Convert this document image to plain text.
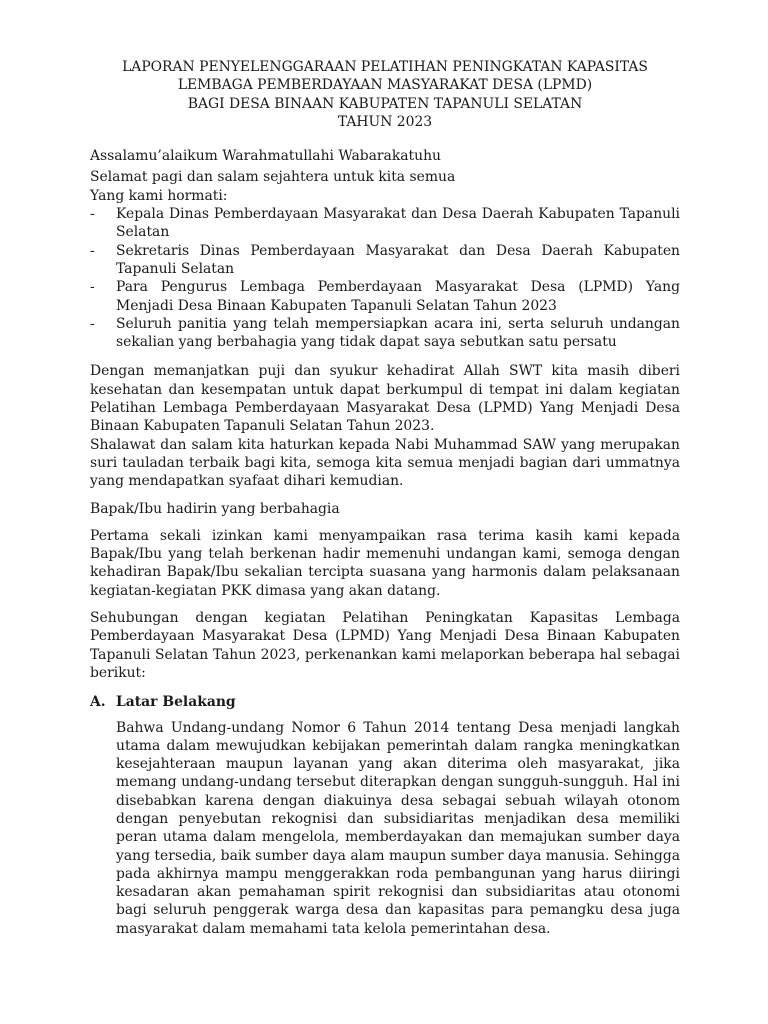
LAPORAN PENYELENGGARAAN PELATIHAN PENINGKATAN KAPASITAS
LEMBAGA PEMBERDAYAAN MASYARAKAT DESA (LPMD)
BAGI DESA BINAAN KABUPATEN TAPANULI SELATAN
TAHUN 2023

Assalamu’alaikum Warahmatullahi Wabarakatuhu

Selamat pagi dan salam sejahtera untuk kita semua

Yang kami hormati:

- Kepala Dinas Pemberdayaan Masyarakat dan Desa Daerah Kabupaten Tapanuli Selatan
- Sekretaris Dinas Pemberdayaan Masyarakat dan Desa Daerah Kabupaten Tapanuli Selatan
- Para Pengurus Lembaga Pemberdayaan Masyarakat Desa (LPMD) Yang Menjadi Desa Binaan Kabupaten Tapanuli Selatan Tahun 2023
- Seluruh panitia yang telah mempersiapkan acara ini, serta seluruh undangan sekalian yang berbahagia yang tidak dapat saya sebutkan satu persatu

Dengan memanjatkan puji dan syukur kehadirat Allah SWT kita masih diberi kesehatan dan kesempatan untuk dapat berkumpul di tempat ini dalam kegiatan Pelatihan Lembaga Pemberdayaan Masyarakat Desa (LPMD) Yang Menjadi Desa Binaan Kabupaten Tapanuli Selatan Tahun 2023.

Shalawat dan salam kita haturkan kepada Nabi Muhammad SAW yang merupakan suri tauladan terbaik bagi kita, semoga kita semua menjadi bagian dari ummatnya yang mendapatkan syafaat dihari kemudian.

Bapak/Ibu hadirin yang berbahagia

Pertama sekali izinkan kami menyampaikan rasa terima kasih kami kepada Bapak/Ibu yang telah berkenan hadir memenuhi undangan kami, semoga dengan kehadiran Bapak/Ibu sekalian tercipta suasana yang harmonis dalam pelaksanaan kegiatan-kegiatan PKK dimasa yang akan datang.

Sehubungan dengan kegiatan Pelatihan Peningkatan Kapasitas Lembaga Pemberdayaan Masyarakat Desa (LPMD) Yang Menjadi Desa Binaan Kabupaten Tapanuli Selatan Tahun 2023, perkenankan kami melaporkan beberapa hal sebagai berikut:

A. Latar Belakang

Bahwa Undang-undang Nomor 6 Tahun 2014 tentang Desa menjadi langkah utama dalam mewujudkan kebijakan pemerintah dalam rangka meningkatkan kesejahteraan maupun layanan yang akan diterima oleh masyarakat, jika memang undang-undang tersebut diterapkan dengan sungguh-sungguh. Hal ini disebabkan karena dengan diakuinya desa sebagai sebuah wilayah otonom dengan penyebutan rekognisi dan subsidiaritas menjadikan desa memiliki peran utama dalam mengelola, memberdayakan dan memajukan sumber daya yang tersedia, baik sumber daya alam maupun sumber daya manusia. Sehingga pada akhirnya mampu menggerakkan roda pembangunan yang harus diiringi kesadaran akan pemahaman spirit rekognisi dan subsidiaritas atau otonomi bagi seluruh penggerak warga desa dan kapasitas para pemangku desa juga masyarakat dalam memahami tata kelola pemerintahan desa.
